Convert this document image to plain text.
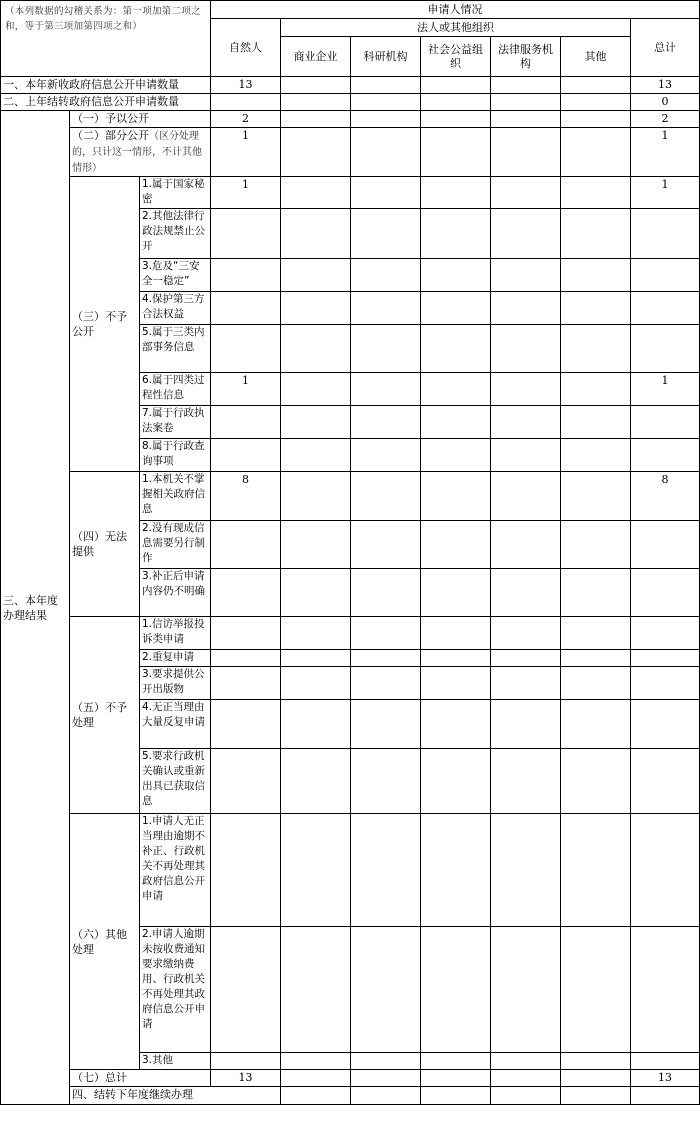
（本列数据的勾稽关系为：第一项加第二项之和，等于第三项加第四项之和）			申请人情况							
			自然人	法人或其他组织					总计	
				商业企业	科研机构	社会公益组织	法律服务机构	其他		

一、本年新收政府信息公开申请数量			13						13	
二、上年结转政府信息公开申请数量									0	
三、本年度办理结果	（一）予以公开		2						2	
	（二）部分公开（区分处理的，只计这一情形，不计其他情形）		1						1	
	（三）不予公开	1.属于国家秘密	1						1	
		2.其他法律行政法规禁止公开								
		3.危及“三安全一稳定”								
		4.保护第三方合法权益								
		5.属于三类内部事务信息								
		6.属于四类过程性信息	1						1	
		7.属于行政执法案卷								
		8.属于行政查询事项								
	（四）无法提供	1.本机关不掌握相关政府信息	8						8	
		2.没有现成信息需要另行制作								
		3.补正后申请内容仍不明确								
	（五）不予处理	1.信访举报投诉类申请								
		2.重复申请								
		3.要求提供公开出版物								
		4.无正当理由大量反复申请								
		5.要求行政机关确认或重新出具已获取信息								
	（六）其他处理	1.申请人无正当理由逾期不补正、行政机关不再处理其政府信息公开申请								
		2.申请人逾期未按收费通知要求缴纳费用、行政机关不再处理其政府信息公开申请								
		3.其他								
	（七）总计		13						13	
	四、结转下年度继续办理							
